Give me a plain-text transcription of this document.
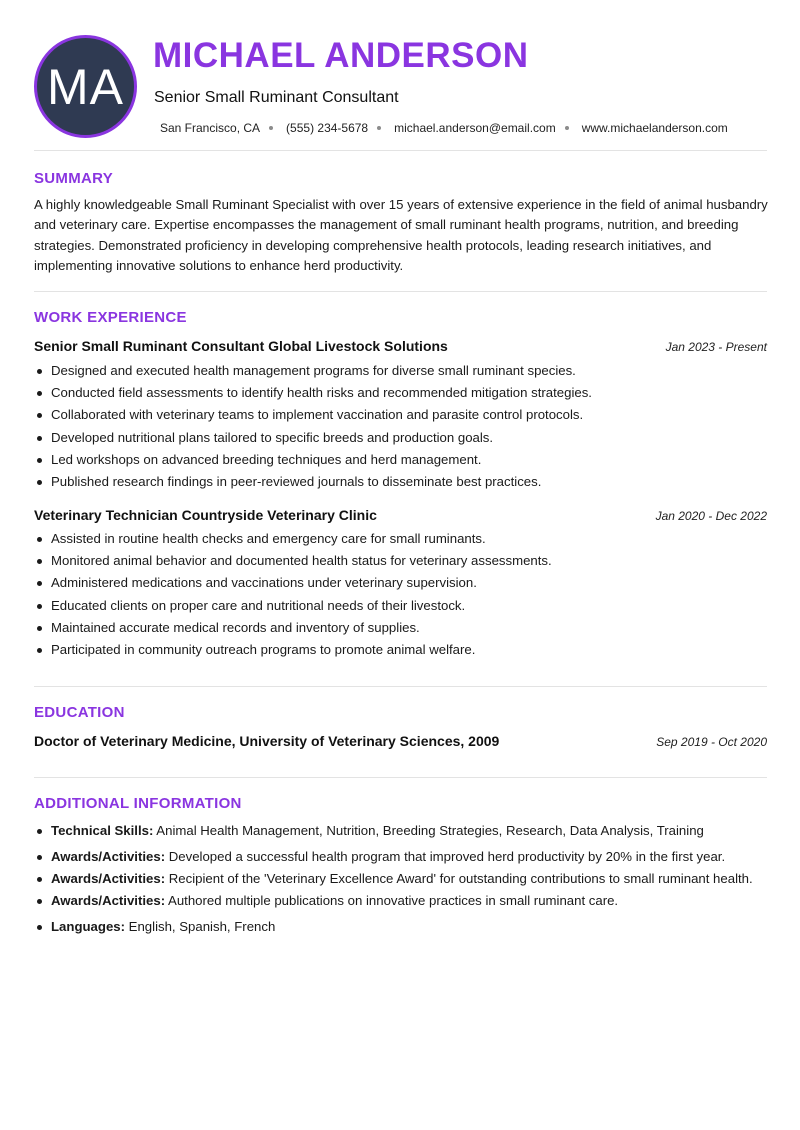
MA
MICHAEL ANDERSON
Senior Small Ruminant Consultant
San Francisco, CA (555) 234-5678 michael.anderson@email.com www.michaelanderson.com
SUMMARY

A highly knowledgeable Small Ruminant Specialist with over 15 years of extensive experience in the field of animal husbandry and veterinary care. Expertise encompasses the management of small ruminant health programs, nutrition, and breeding strategies. Demonstrated proficiency in developing comprehensive health protocols, leading research initiatives, and implementing innovative solutions to enhance herd productivity.

WORK EXPERIENCE
Senior Small Ruminant Consultant Global Livestock Solutions	Jan 2023 - Present
Designed and executed health management programs for diverse small ruminant species.
Conducted field assessments to identify health risks and recommended mitigation strategies.
Collaborated with veterinary teams to implement vaccination and parasite control protocols.
Developed nutritional plans tailored to specific breeds and production goals.
Led workshops on advanced breeding techniques and herd management.
Published research findings in peer-reviewed journals to disseminate best practices.
Veterinary Technician Countryside Veterinary Clinic	Jan 2020 - Dec 2022
Assisted in routine health checks and emergency care for small ruminants.
Monitored animal behavior and documented health status for veterinary assessments.
Administered medications and vaccinations under veterinary supervision.
Educated clients on proper care and nutritional needs of their livestock.
Maintained accurate medical records and inventory of supplies.
Participated in community outreach programs to promote animal welfare.
EDUCATION
Doctor of Veterinary Medicine, University of Veterinary Sciences, 2009	Sep 2019 - Oct 2020
ADDITIONAL INFORMATION
Technical Skills: Animal Health Management, Nutrition, Breeding Strategies, Research, Data Analysis, Training
Awards/Activities: Developed a successful health program that improved herd productivity by 20% in the first year.
Awards/Activities: Recipient of the 'Veterinary Excellence Award' for outstanding contributions to small ruminant health.
Awards/Activities: Authored multiple publications on innovative practices in small ruminant care.
Languages: English, Spanish, French
